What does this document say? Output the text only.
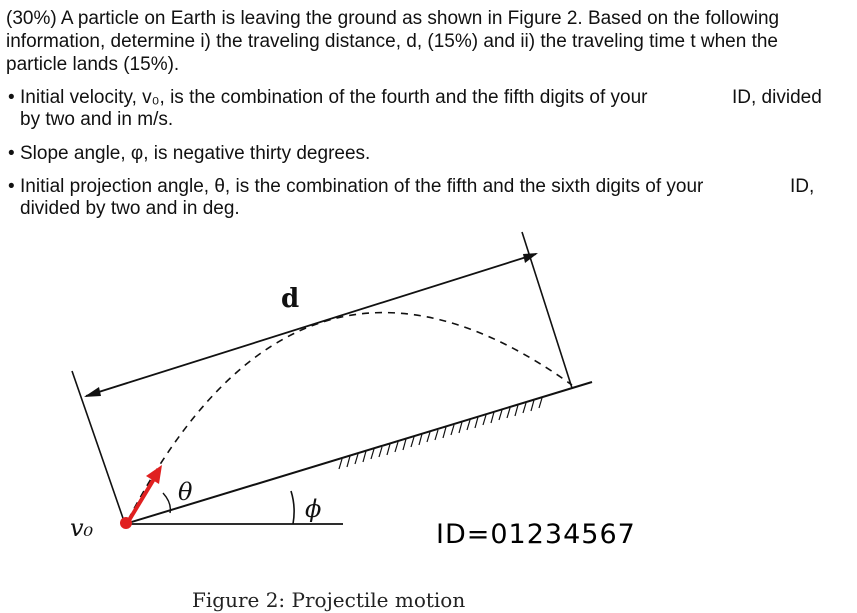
(30%) A particle on Earth is leaving the ground as shown in Figure 2. Based on the following
information, determine i) the traveling distance, d, (15%) and ii) the traveling time t when the
particle lands (15%).
• Initial velocity, v₀, is the combination of the fourth and the fifth digits of your	ID, divided
by two and in m/s.
• Slope angle, φ, is negative thirty degrees.
• Initial projection angle, θ, is the combination of the fifth and the sixth digits of your	ID,
divided by two and in deg.
d
θ
ϕ
v₀	ID=01234567
Figure 2: Projectile motion
